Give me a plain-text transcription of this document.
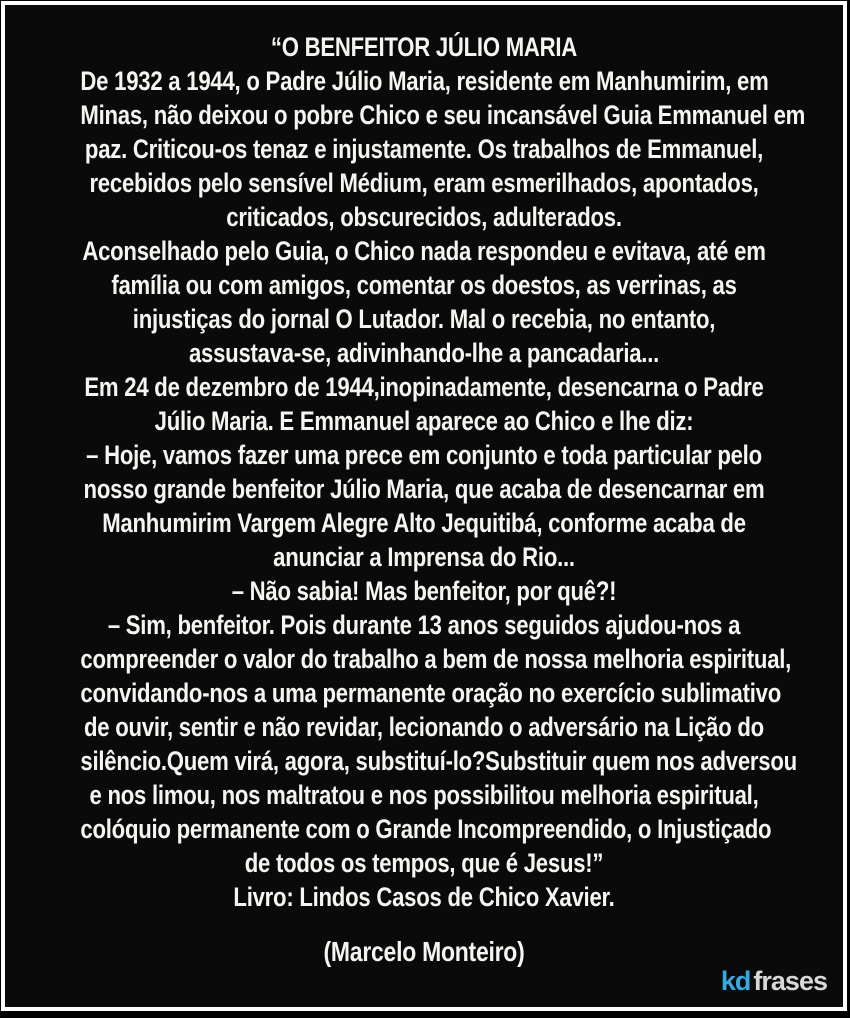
“O BENFEITOR JÚLIO MARIA
De 1932 a 1944, o Padre Júlio Maria, residente em Manhumirim, em
Minas, não deixou o pobre Chico e seu incansável Guia Emmanuel em
paz. Criticou-os tenaz e injustamente. Os trabalhos de Emmanuel,
recebidos pelo sensível Médium, eram esmerilhados, apontados,
criticados, obscurecidos, adulterados.
Aconselhado pelo Guia, o Chico nada respondeu e evitava, até em
família ou com amigos, comentar os doestos, as verrinas, as
injustiças do jornal O Lutador. Mal o recebia, no entanto,
assustava-se, adivinhando-lhe a pancadaria...
Em 24 de dezembro de 1944,inopinadamente, desencarna o Padre
Júlio Maria. E Emmanuel aparece ao Chico e lhe diz:
– Hoje, vamos fazer uma prece em conjunto e toda particular pelo
nosso grande benfeitor Júlio Maria, que acaba de desencarnar em
Manhumirim Vargem Alegre Alto Jequitibá, conforme acaba de
anunciar a Imprensa do Rio...
– Não sabia! Mas benfeitor, por quê?!
– Sim, benfeitor. Pois durante 13 anos seguidos ajudou-nos a
compreender o valor do trabalho a bem de nossa melhoria espiritual,
convidando-nos a uma permanente oração no exercício sublimativo
de ouvir, sentir e não revidar, lecionando o adversário na Lição do
silêncio.Quem virá, agora, substituí-lo?Substituir quem nos adversou
e nos limou, nos maltratou e nos possibilitou melhoria espiritual,
colóquio permanente com o Grande Incompreendido, o Injustiçado
de todos os tempos, que é Jesus!”
Livro: Lindos Casos de Chico Xavier.
(Marcelo Monteiro)
kd frases
